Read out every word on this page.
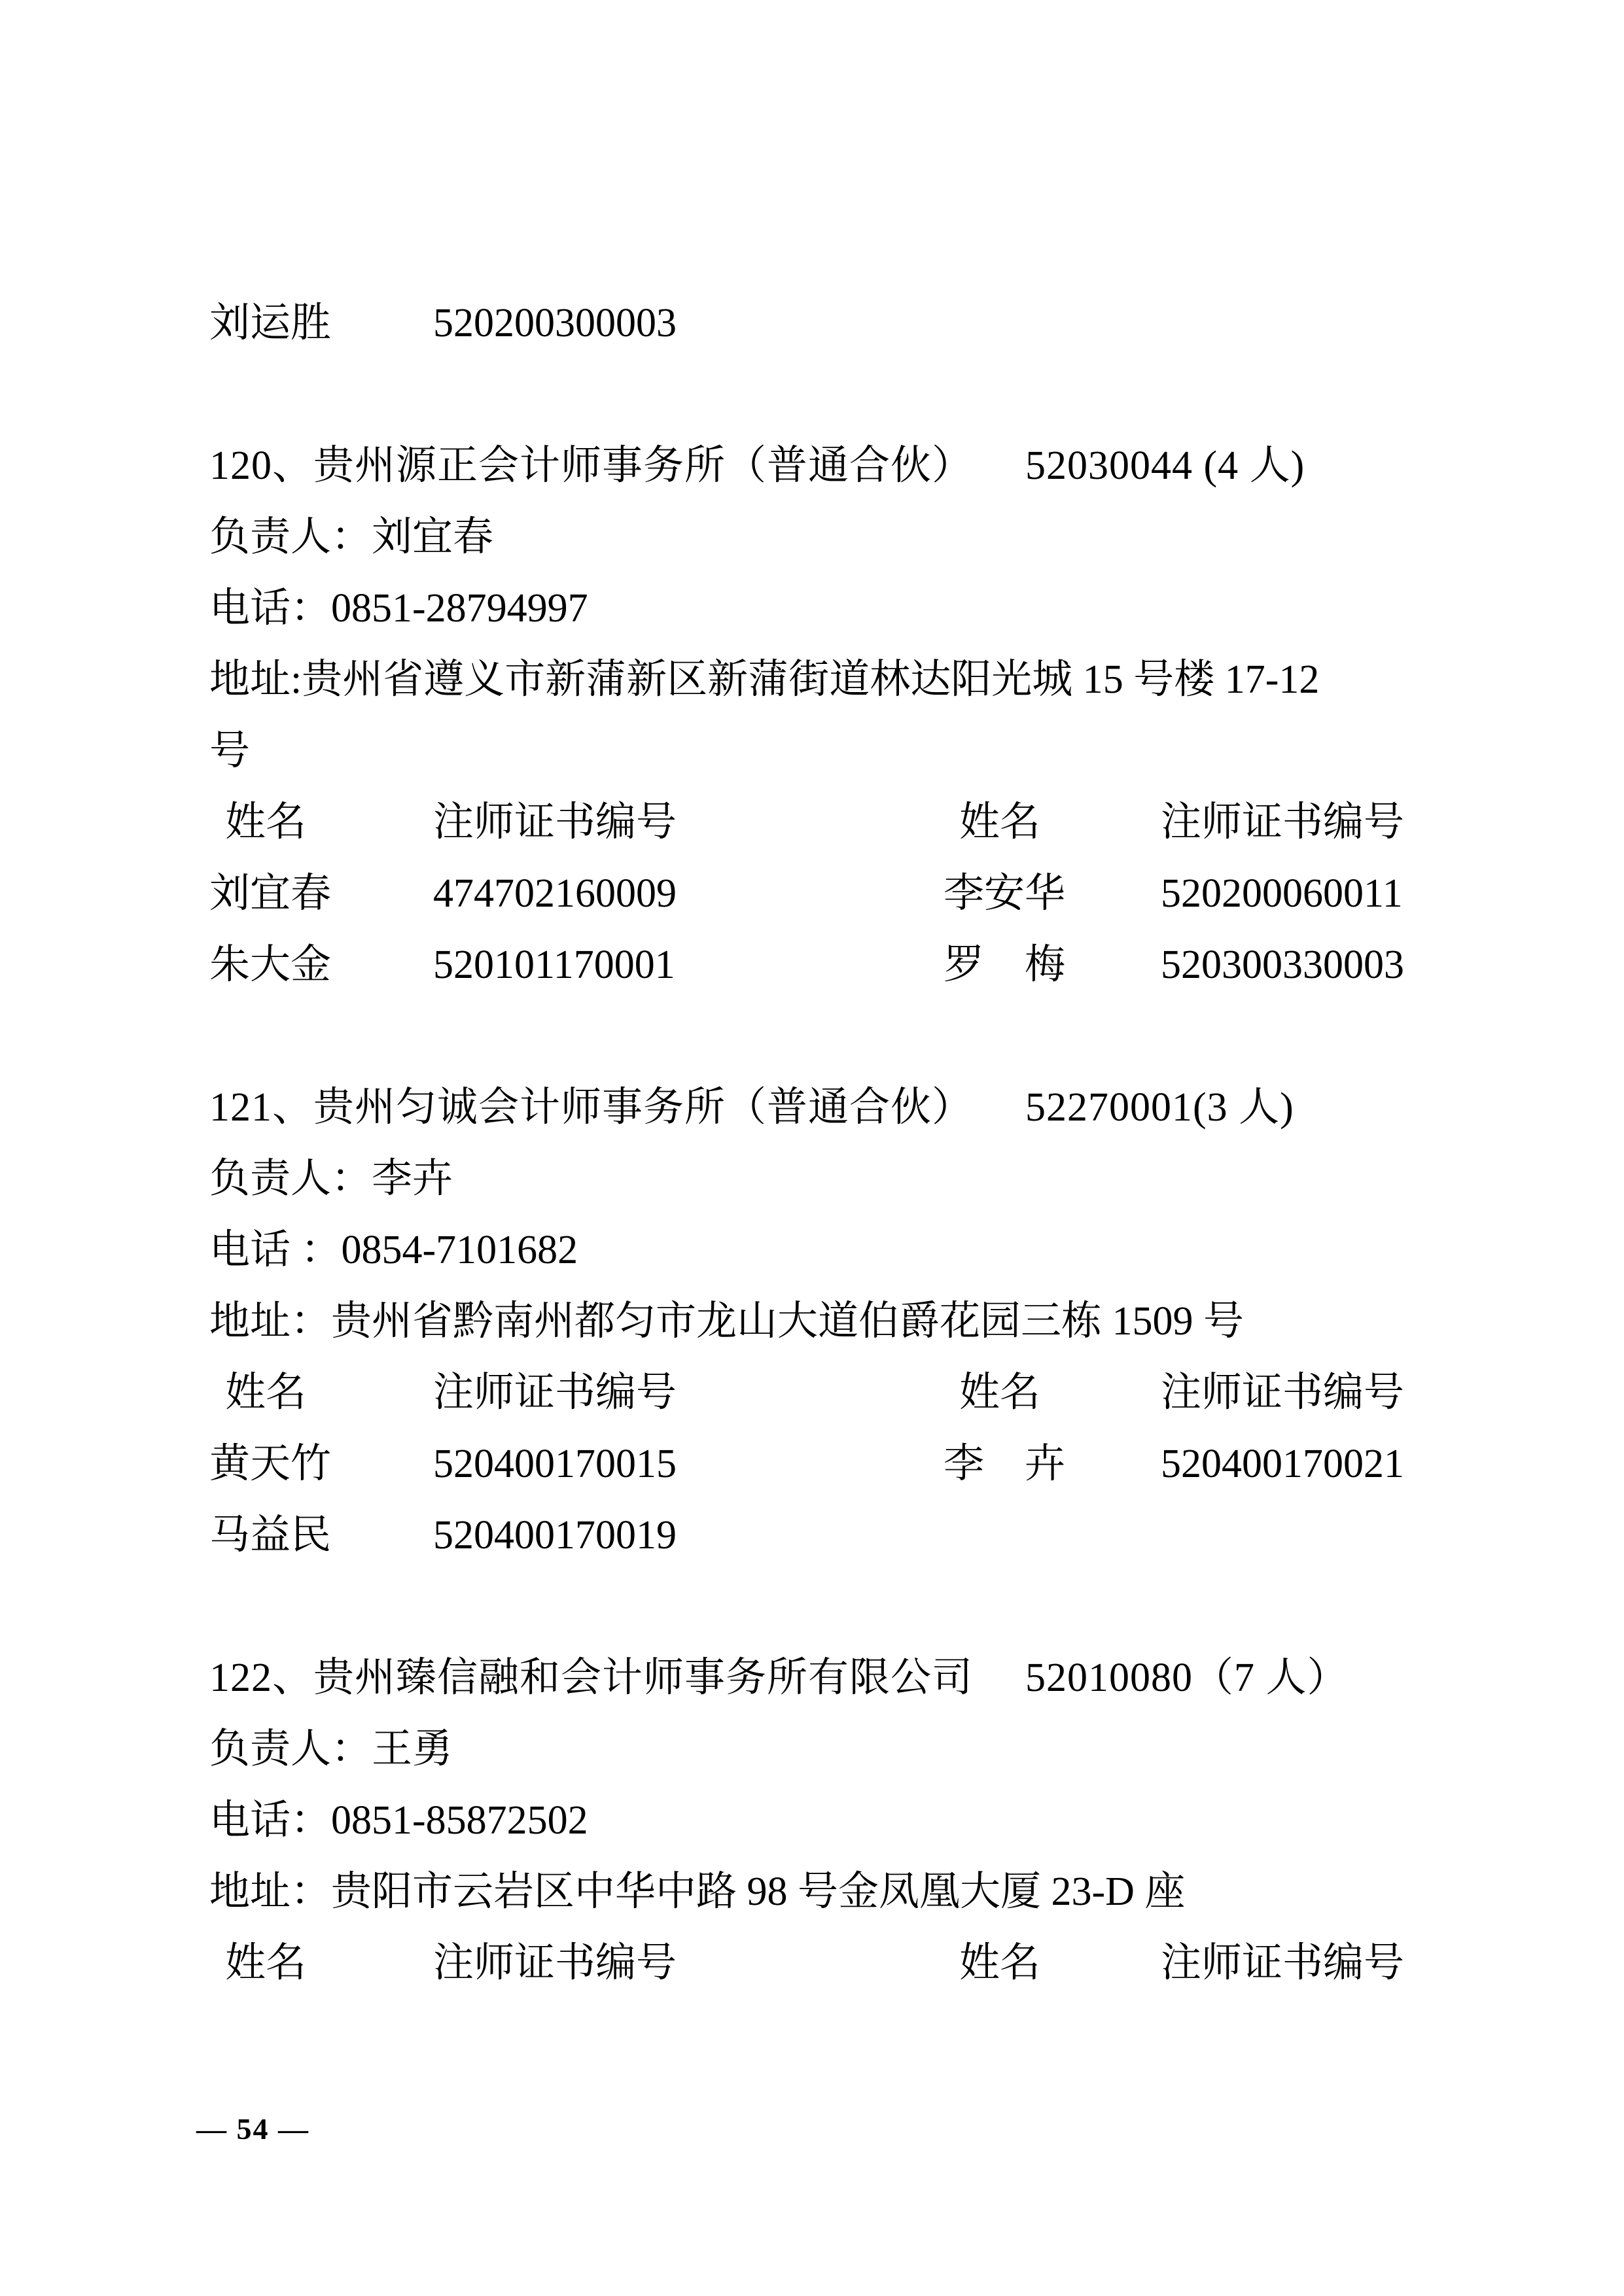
刘运胜	520200300003
120、贵州源正会计师事务所（普通合伙） 52030044 (4 人)
负责人：刘宜春
电话：0851-28794997
地址:贵州省遵义市新蒲新区新蒲街道林达阳光城 15 号楼 17-12
号
姓名	注师证书编号	姓名	注师证书编号
刘宜春	474702160009	李安华	520200060011
朱大金	520101170001	罗　梅	520300330003
121、贵州匀诚会计师事务所（普通合伙） 52270001(3 人)
负责人：李卉
电话 ：0854-7101682
地址：贵州省黔南州都匀市龙山大道伯爵花园三栋 1509 号
姓名	注师证书编号	姓名	注师证书编号
黄天竹	520400170015	李　卉	520400170021
马益民	520400170019
122、贵州臻信融和会计师事务所有限公司 52010080（7 人）
负责人：王勇
电话：0851-85872502
地址：贵阳市云岩区中华中路 98 号金凤凰大厦 23-D 座
姓名	注师证书编号	姓名	注师证书编号
— 54 —
